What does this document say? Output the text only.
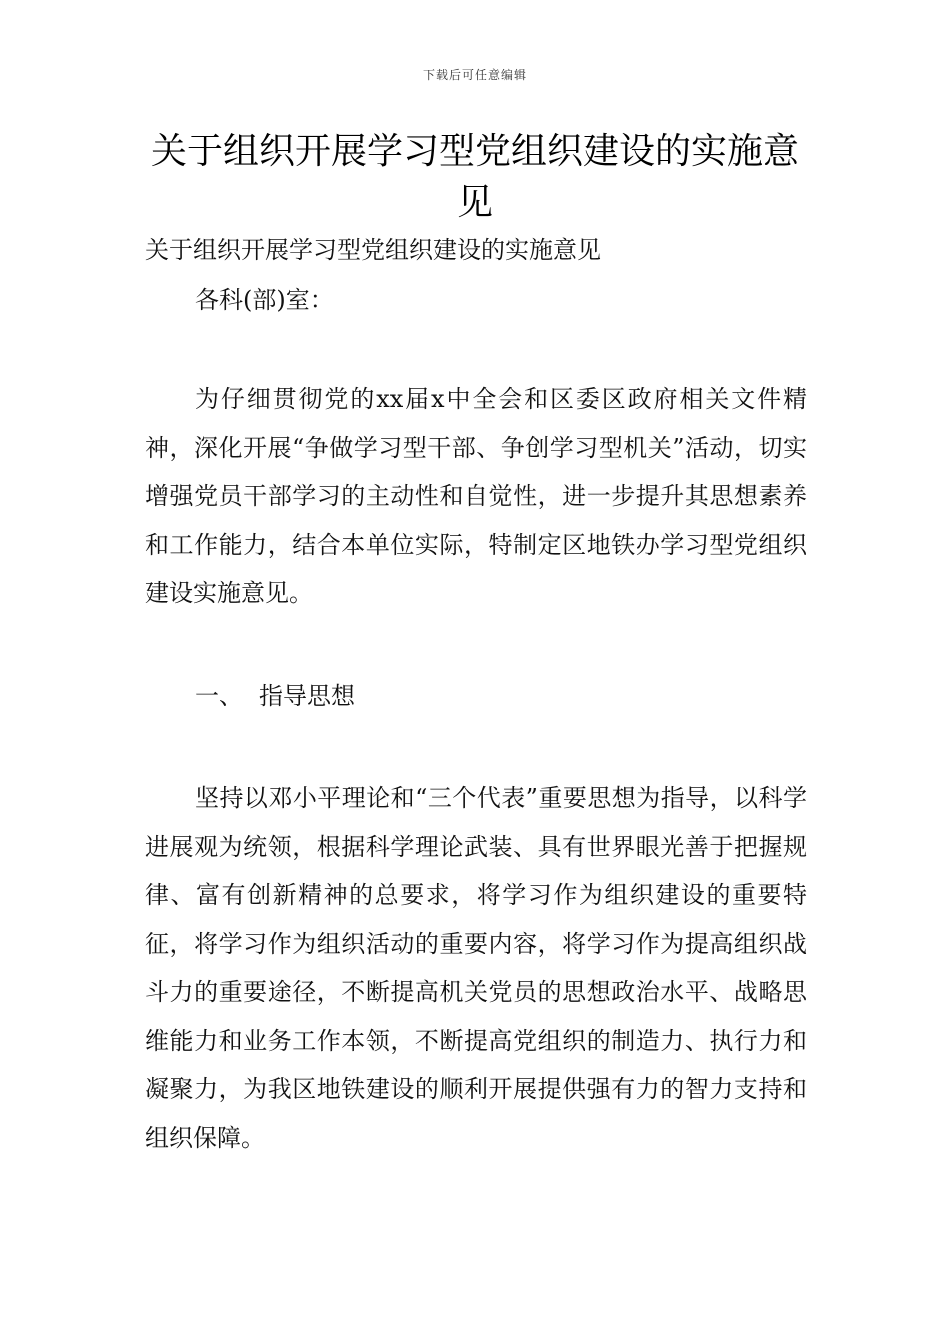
下载后可任意编辑
关于组织开展学习型党组织建设的实施意见
关于组织开展学习型党组织建设的实施意见
各科(部)室：

为仔细贯彻党的xx届x中全会和区委区政府相关文件精神，深化开展“争做学习型干部、争创学习型机关”活动，切实增强党员干部学习的主动性和自觉性，进一步提升其思想素养和工作能力，结合本单位实际，特制定区地铁办学习型党组织建设实施意见。

一、 指导思想

坚持以邓小平理论和“三个代表”重要思想为指导，以科学进展观为统领，根据科学理论武装、具有世界眼光善于把握规律、富有创新精神的总要求，将学习作为组织建设的重要特征，将学习作为组织活动的重要内容，将学习作为提高组织战斗力的重要途径，不断提高机关党员的思想政治水平、战略思维能力和业务工作本领，不断提高党组织的制造力、执行力和凝聚力，为我区地铁建设的顺利开展提供强有力的智力支持和组织保障。
